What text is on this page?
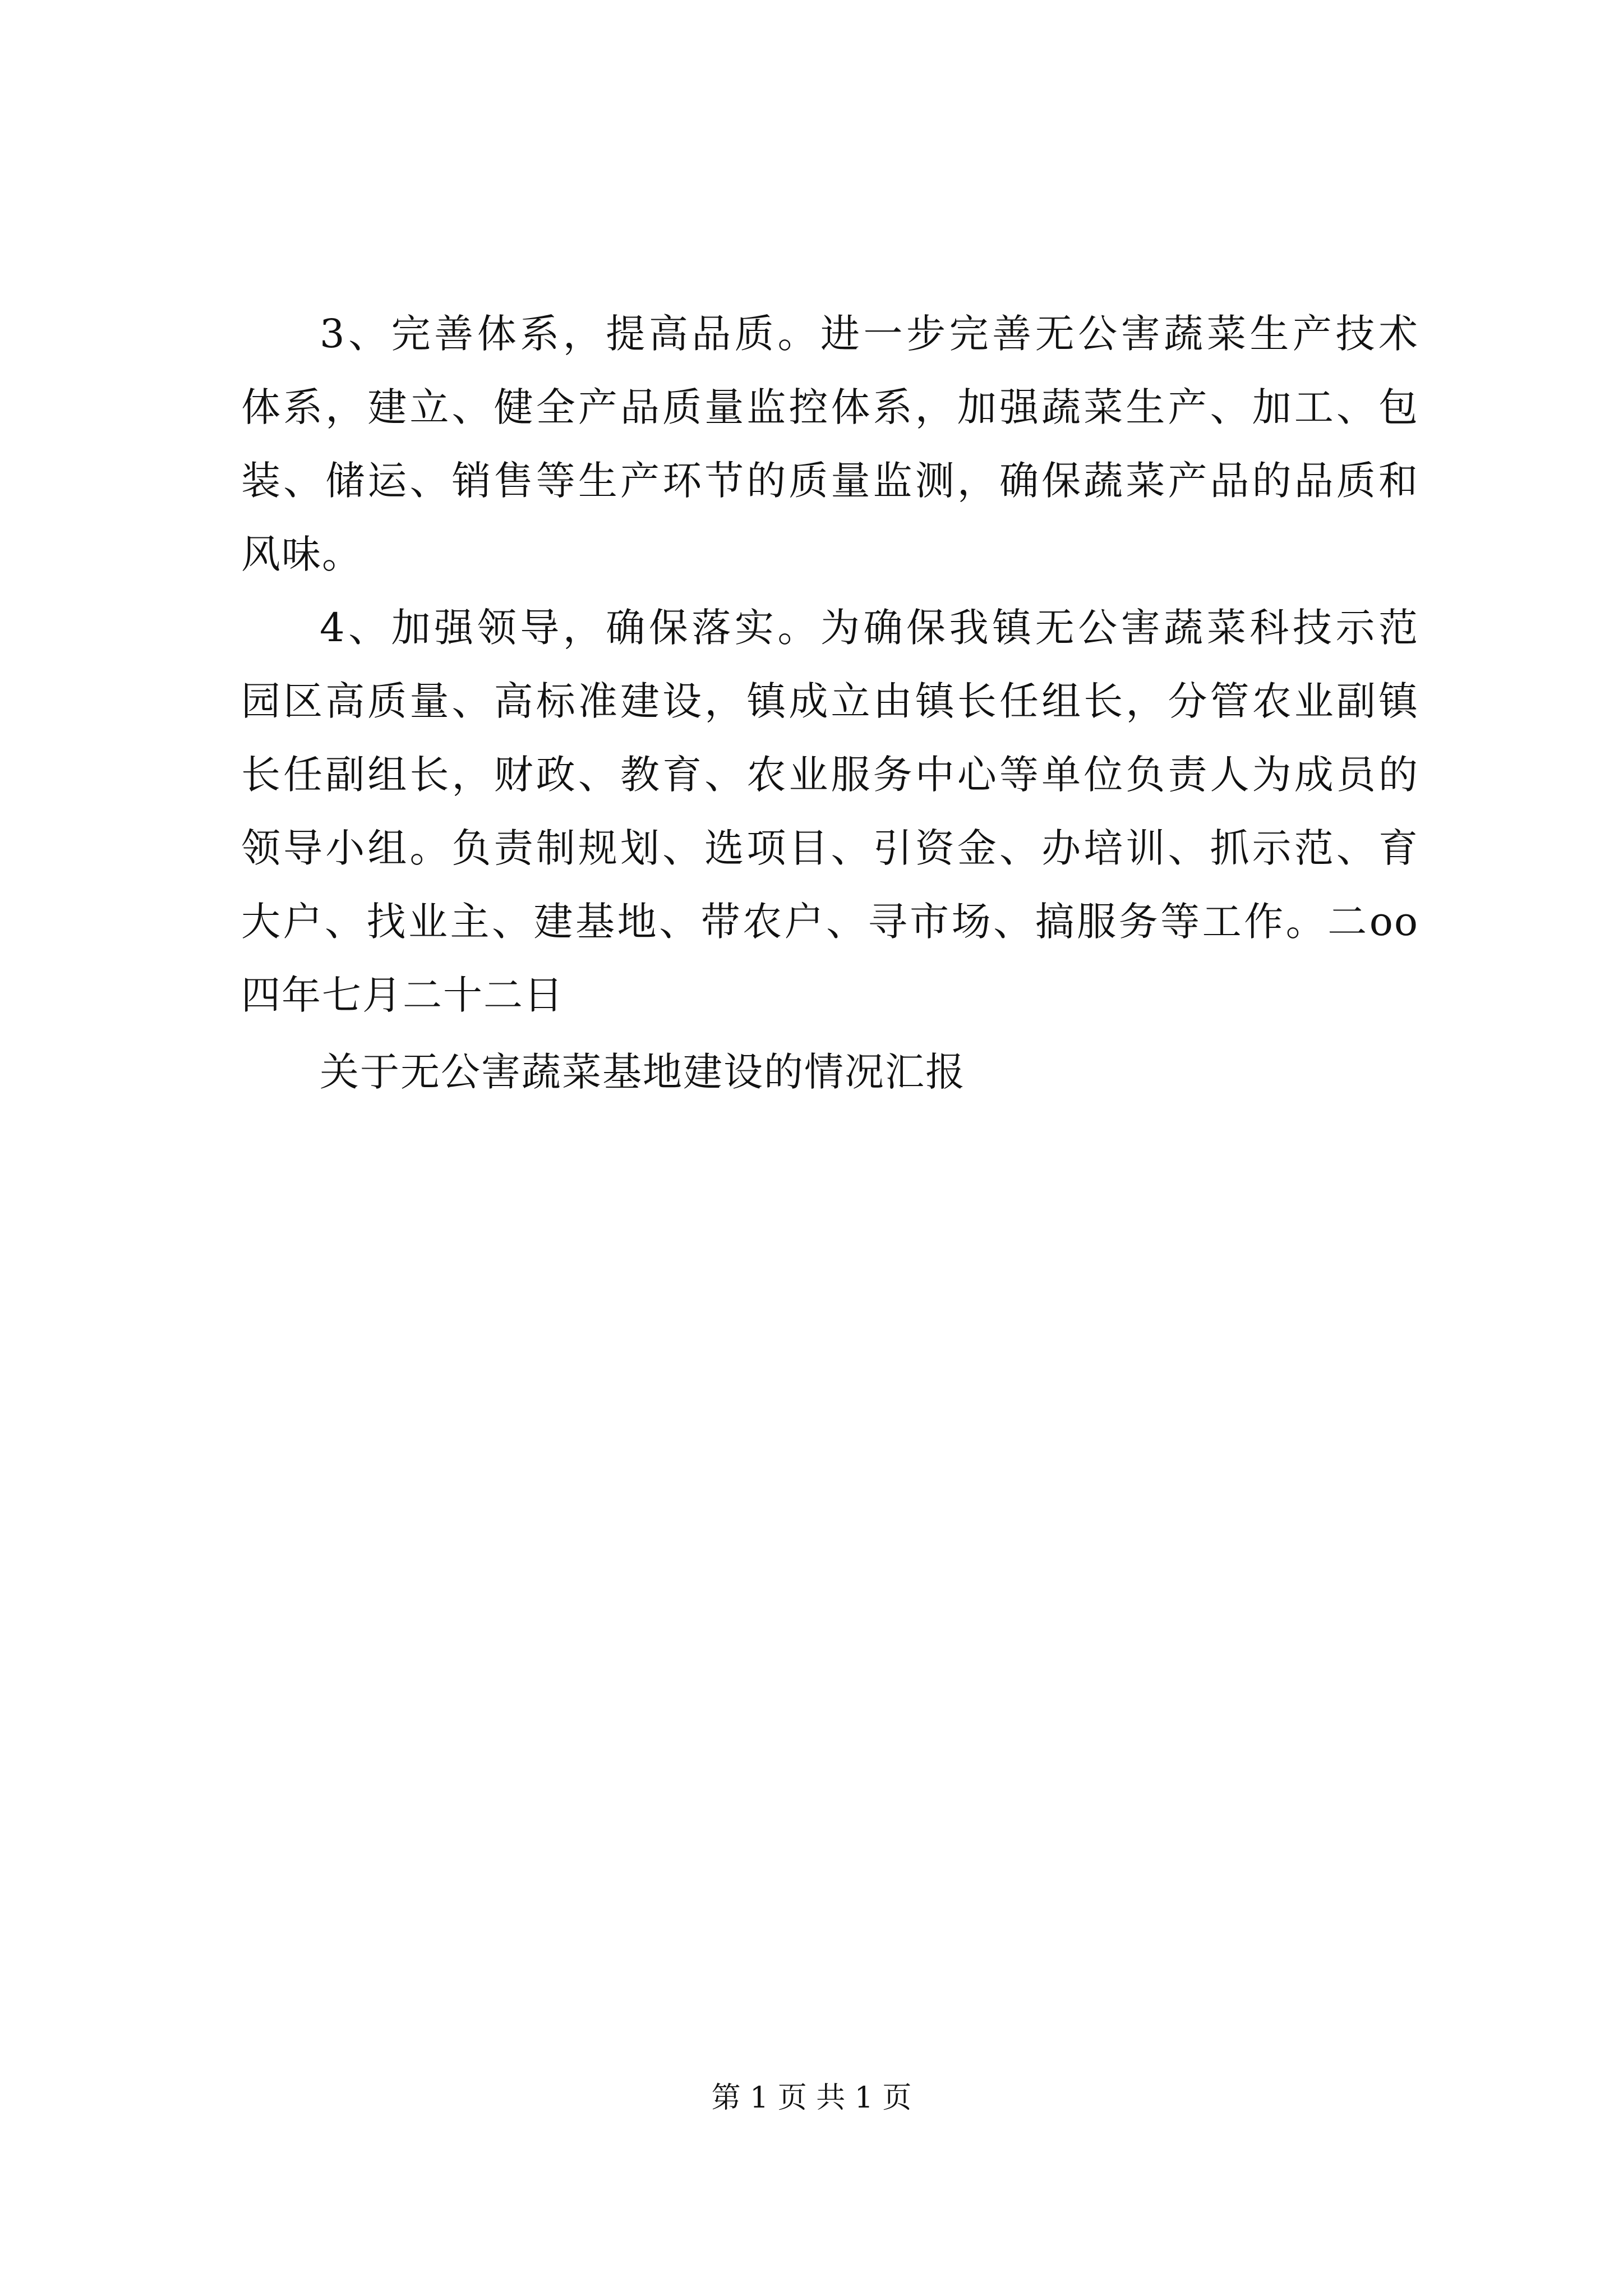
3、完善体系，提高品质。进一步完善无公害蔬菜生产技术
体系，建立、健全产品质量监控体系，加强蔬菜生产、加工、包
装、储运、销售等生产环节的质量监测，确保蔬菜产品的品质和
风味。
4、加强领导，确保落实。为确保我镇无公害蔬菜科技示范
园区高质量、高标准建设，镇成立由镇长任组长，分管农业副镇
长任副组长，财政、教育、农业服务中心等单位负责人为成员的
领导小组。负责制规划、选项目、引资金、办培训、抓示范、育
大户、找业主、建基地、带农户、寻市场、搞服务等工作。二oo
四年七月二十二日
关于无公害蔬菜基地建设的情况汇报
第 1 页 共 1 页
